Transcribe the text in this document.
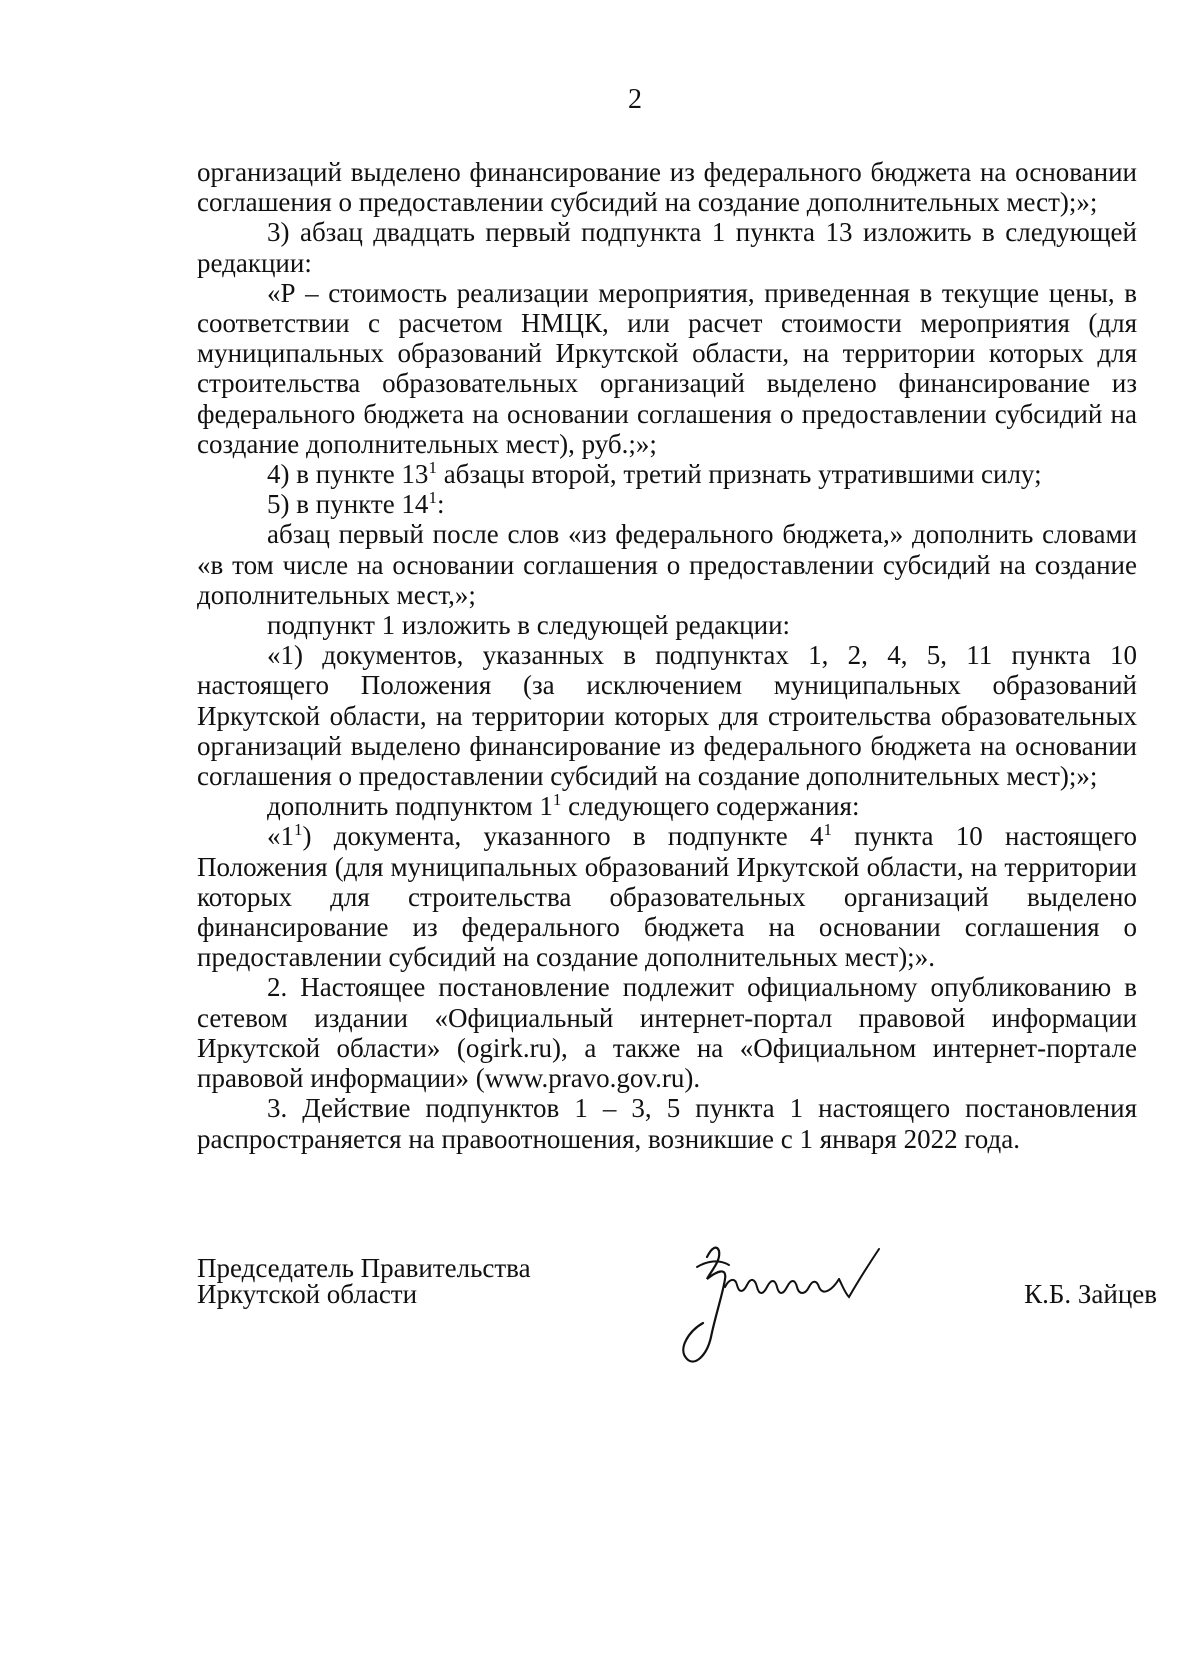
2

организаций выделено финансирование из федерального бюджета на основании соглашения о предоставлении субсидий на создание дополнительных мест);»;

3) абзац двадцать первый подпункта 1 пункта 13 изложить в следующей редакции:

«Р – стоимость реализации мероприятия, приведенная в текущие цены, в соответствии с расчетом НМЦК, или расчет стоимости мероприятия (для муниципальных образований Иркутской области, на территории которых для строительства образовательных организаций выделено финансирование из федерального бюджета на основании соглашения о предоставлении субсидий на создание дополнительных мест), руб.;»;

4) в пункте $13^1$ абзацы второй, третий признать утратившими силу;

5) в пункте $14^1$:

абзац первый после слов «из федерального бюджета,» дополнить словами «в том числе на основании соглашения о предоставлении субсидий на создание дополнительных мест,»;

подпункт 1 изложить в следующей редакции:

«1) документов, указанных в подпунктах 1, 2, 4, 5, 11 пункта 10 настоящего Положения (за исключением муниципальных образований Иркутской области, на территории которых для строительства образовательных организаций выделено финансирование из федерального бюджета на основании соглашения о предоставлении субсидий на создание дополнительных мест);»;

дополнить подпунктом $1^1$ следующего содержания:

«$1^1$) документа, указанного в подпункте $4^1$ пункта 10 настоящего Положения (для муниципальных образований Иркутской области, на территории которых для строительства образовательных организаций выделено финансирование из федерального бюджета на основании соглашения о предоставлении субсидий на создание дополнительных мест);».

2. Настоящее постановление подлежит официальному опубликованию в сетевом издании «Официальный интернет-портал правовой информации Иркутской области» (ogirk.ru), а также на «Официальном интернет-портале правовой информации» (www.pravo.gov.ru).

3. Действие подпунктов 1 – 3, 5 пункта 1 настоящего постановления распространяется на правоотношения, возникшие с 1 января 2022 года.

Председатель Правительства
Иркутской области	К.Б. Зайцев
